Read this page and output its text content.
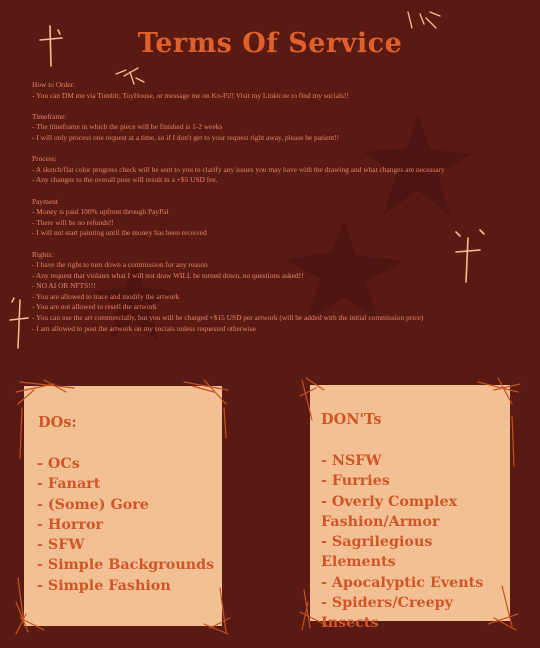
Terms Of Service
How to Order:
- You can DM me via Tumblr, ToyHouse, or message me on Ko-Fi!! Visit my Linktr.ee to find my socials!!
Timeframe:
- The timeframe in which the piece will be finished is 1-2 weeks
- I will only process one request at a time, so if I don't get to your request right away, please be patient!!
Process:
- A sketch/flat color progress check will be sent to you to clarify any issues you may have with the drawing and what changes are necessary
- Any changes to the overall pose will result in a +$5 USD fee.
Payment
- Money is paid 100% upfront through PayPal
- There will be no refunds!!
- I will not start painting until the money has been received
Rights:
- I have the right to turn down a commission for any reason
- Any request that violates what I will not draw WILL be turned down, no questions asked!!
- NO AI OR NFTS!!!
- You are allowed to trace and modify the artwork
- You are not allowed to resell the artwork
- You can use the art commercially, but you will be charged +$15 USD per artwork (will be added with the initial commission price)
- I am allowed to post the artwork on my socials unless requested otherwise
DOs:
- OCs
- Fanart
- (Some) Gore
- Horror
- SFW
- Simple Backgrounds
- Simple Fashion
DON'Ts
- NSFW
- Furries
- Overly Complex Fashion/Armor
- Sagrilegious Elements
- Apocalyptic Events
- Spiders/Creepy Insects
